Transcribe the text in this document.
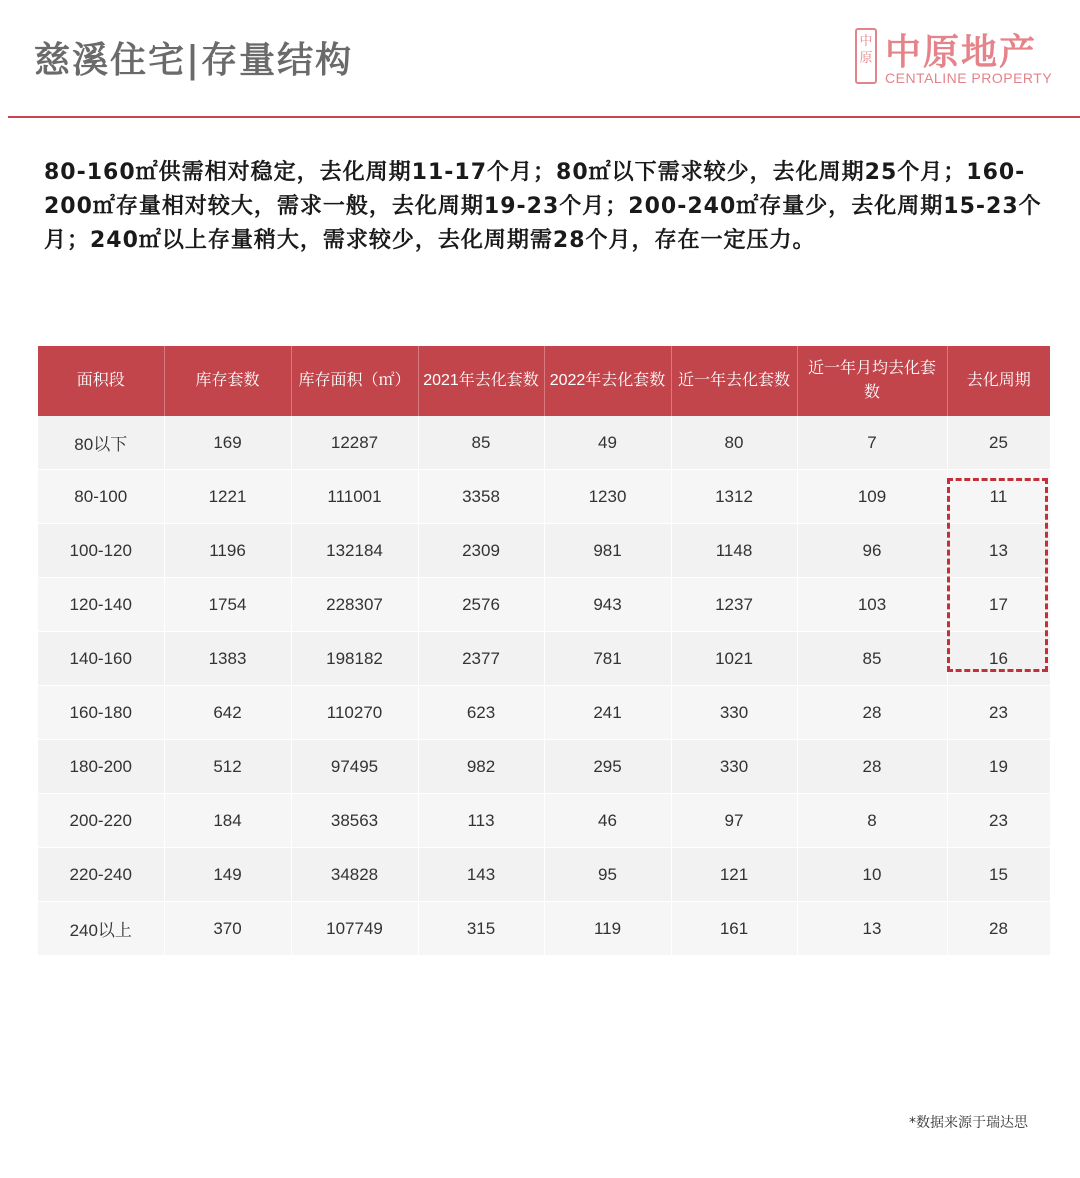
慈溪住宅|存量结构	中原 中原地产
CENTALINE PROPERTY
80-160㎡供需相对稳定，去化周期11-17个月；80㎡以下需求较少，去化周期25个月；160-200㎡存量相对较大，需求一般，去化周期19-23个月；200-240㎡存量少，去化周期15-23个月；240㎡以上存量稍大，需求较少，去化周期需28个月，存在一定压力。
面积段	库存套数	库存面积（㎡）	2021年去化套数	2022年去化套数	近一年去化套数	近一年月均去化套数	去化周期
80以下	169	12287	85	49	80	7	25
80-100	1221	111001	3358	1230	1312	109	11
100-120	1196	132184	2309	981	1148	96	13
120-140	1754	228307	2576	943	1237	103	17
140-160	1383	198182	2377	781	1021	85	16
160-180	642	110270	623	241	330	28	23
180-200	512	97495	982	295	330	28	19
200-220	184	38563	113	46	97	8	23
220-240	149	34828	143	95	121	10	15
240以上	370	107749	315	119	161	13	28
*数据来源于瑞达思
